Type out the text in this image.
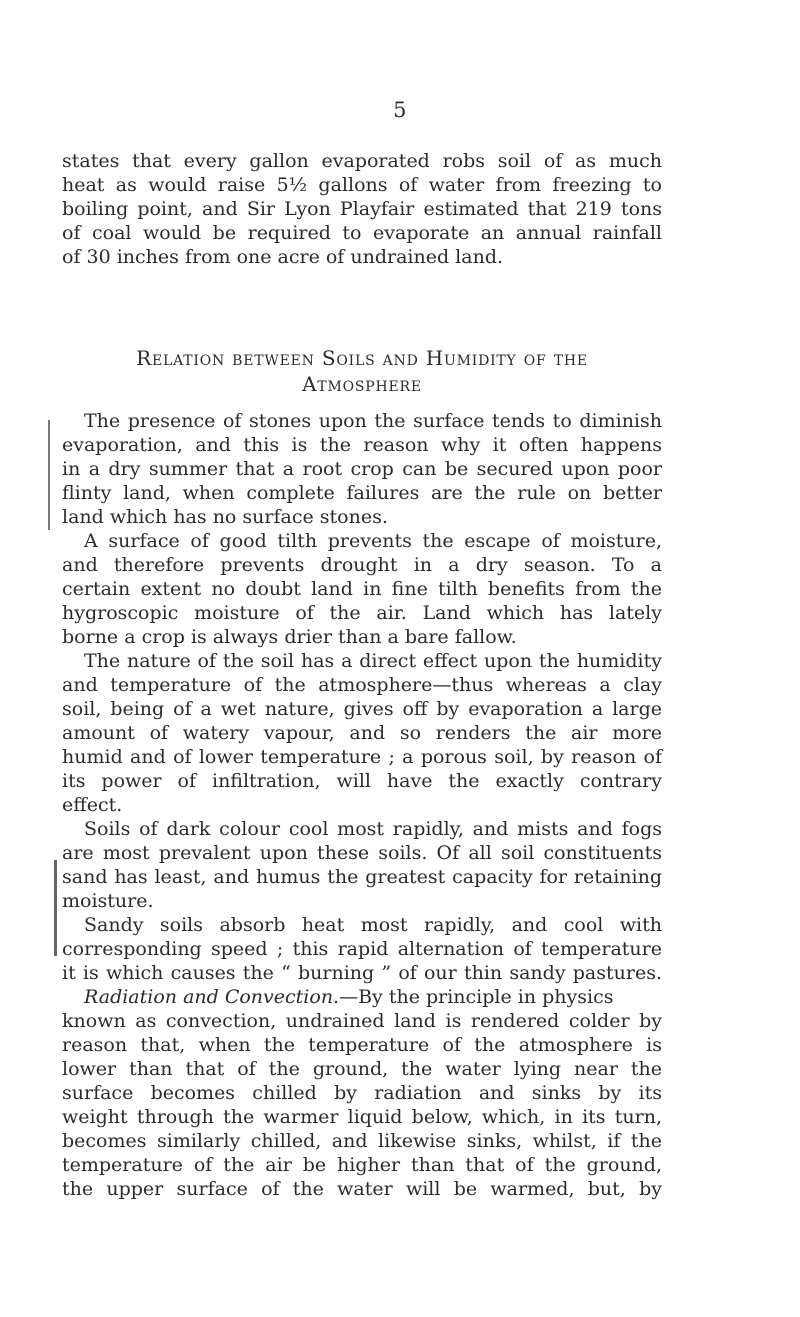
5
states that every gallon evaporated robs soil of as much
heat as would raise 5½ gallons of water from freezing to
boiling point, and Sir Lyon Playfair estimated that 219 tons
of coal would be required to evaporate an annual rainfall
of 30 inches from one acre of undrained land.
Relation between Soils and Humidity of the
Atmosphere
The presence of stones upon the surface tends to diminish
evaporation, and this is the reason why it often happens
in a dry summer that a root crop can be secured upon poor
flinty land, when complete failures are the rule on better
land which has no surface stones.
A surface of good tilth prevents the escape of moisture,
and therefore prevents drought in a dry season. To a
certain extent no doubt land in fine tilth benefits from the
hygroscopic moisture of the air. Land which has lately
borne a crop is always drier than a bare fallow.
The nature of the soil has a direct effect upon the humidity
and temperature of the atmosphere—thus whereas a clay
soil, being of a wet nature, gives off by evaporation a large
amount of watery vapour, and so renders the air more
humid and of lower temperature ; a porous soil, by reason of
its power of infiltration, will have the exactly contrary
effect.
Soils of dark colour cool most rapidly, and mists and fogs
are most prevalent upon these soils. Of all soil constituents
sand has least, and humus the greatest capacity for retaining
moisture.
Sandy soils absorb heat most rapidly, and cool with
corresponding speed ; this rapid alternation of temperature
it is which causes the “ burning ” of our thin sandy pastures.
Radiation and Convection.—By the principle in physics
known as convection, undrained land is rendered colder by
reason that, when the temperature of the atmosphere is
lower than that of the ground, the water lying near the
surface becomes chilled by radiation and sinks by its
weight through the warmer liquid below, which, in its turn,
becomes similarly chilled, and likewise sinks, whilst, if the
temperature of the air be higher than that of the ground,
the upper surface of the water will be warmed, but, by
